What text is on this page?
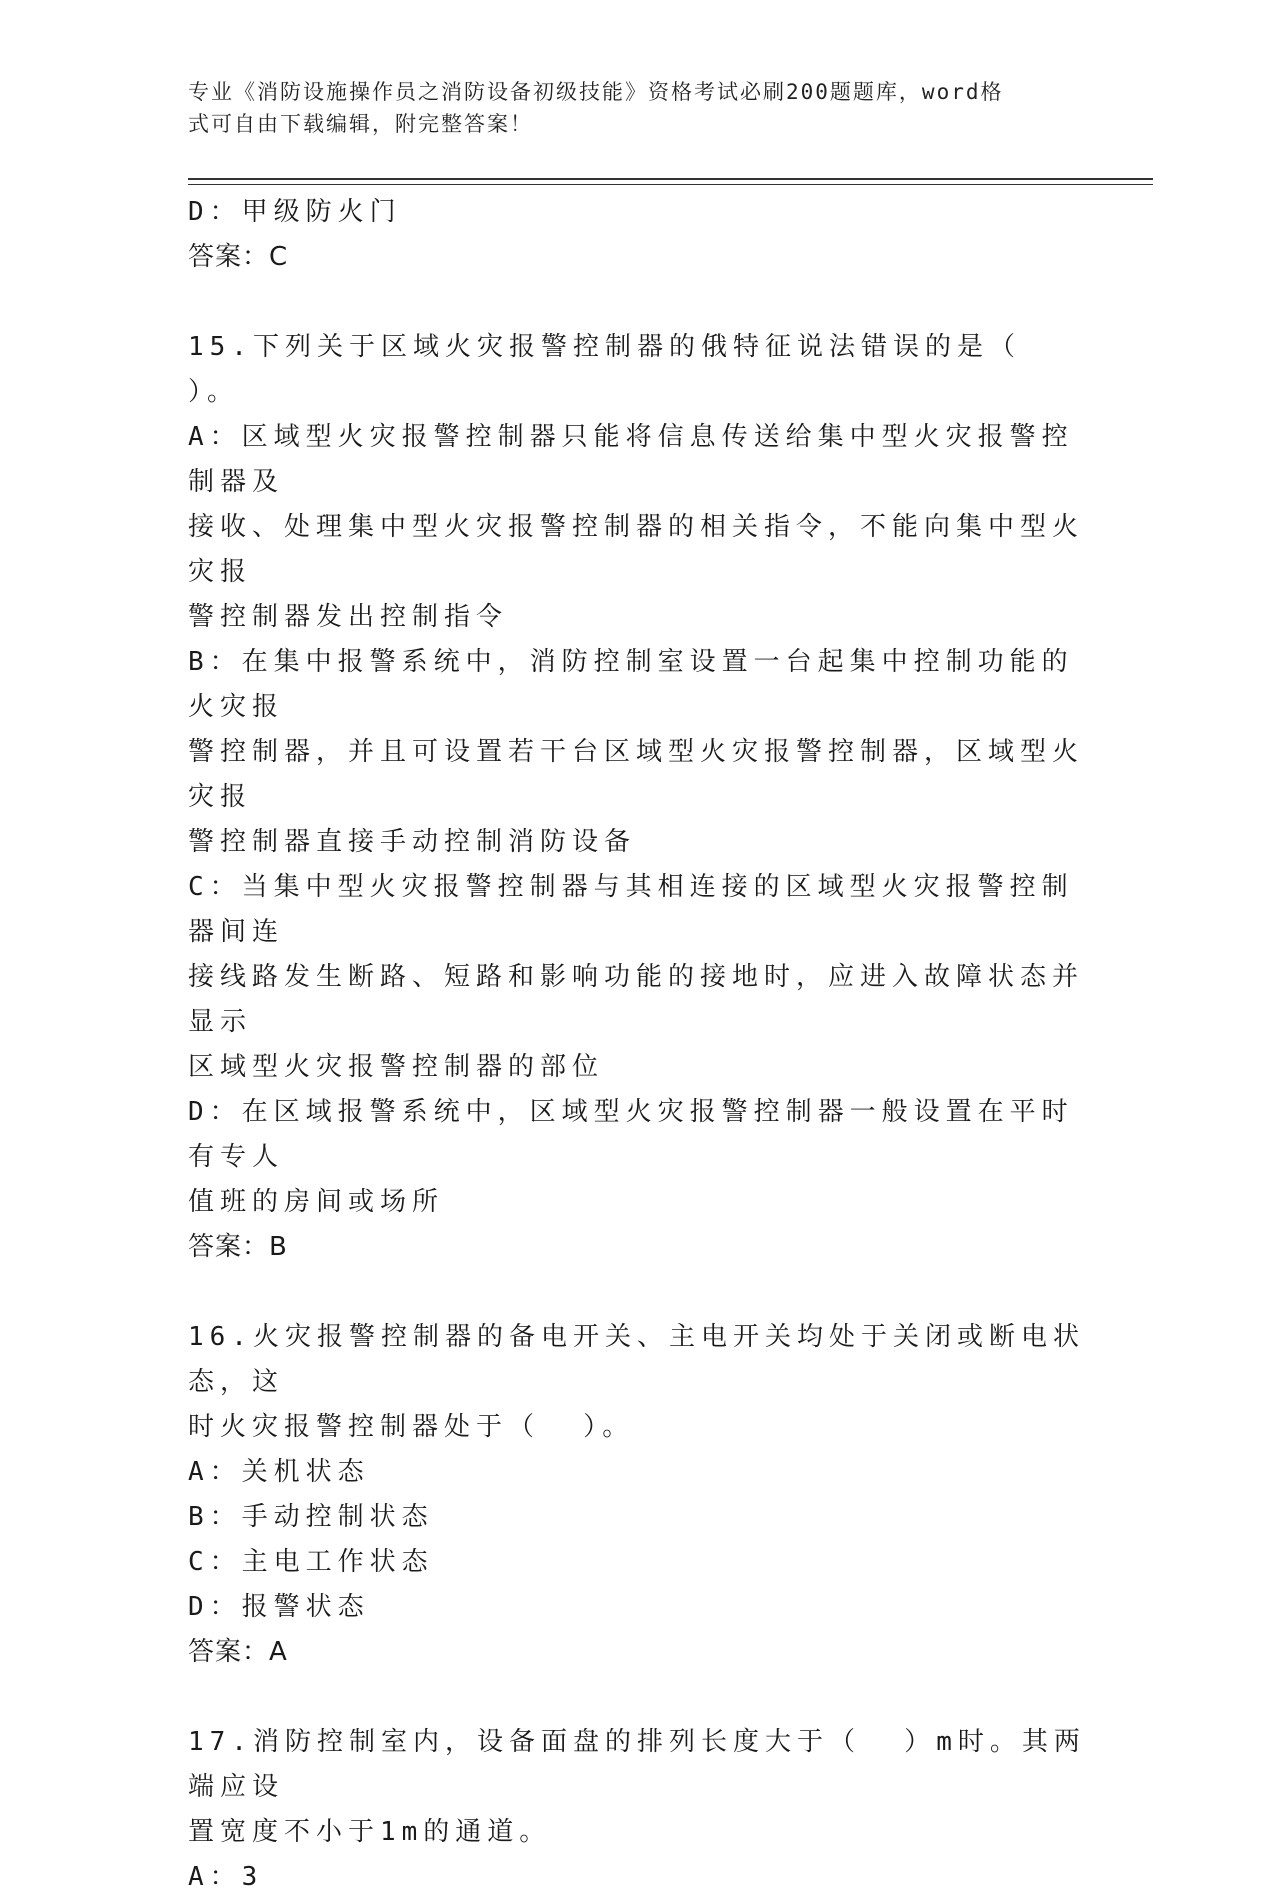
专业《消防设施操作员之消防设备初级技能》资格考试必刷200题题库，word格
式可自由下载编辑，附完整答案！
D：甲级防火门
答案：C
15.下列关于区域火灾报警控制器的俄特征说法错误的是（  ）。
A：区域型火灾报警控制器只能将信息传送给集中型火灾报警控制器及
接收、处理集中型火灾报警控制器的相关指令，不能向集中型火灾报
警控制器发出控制指令
B：在集中报警系统中，消防控制室设置一台起集中控制功能的火灾报
警控制器，并且可设置若干台区域型火灾报警控制器，区域型火灾报
警控制器直接手动控制消防设备
C：当集中型火灾报警控制器与其相连接的区域型火灾报警控制器间连
接线路发生断路、短路和影响功能的接地时，应进入故障状态并显示
区域型火灾报警控制器的部位
D：在区域报警系统中，区域型火灾报警控制器一般设置在平时有专人
值班的房间或场所
答案：B
16.火灾报警控制器的备电开关、主电开关均处于关闭或断电状态，这
时火灾报警控制器处于（  ）。
A：关机状态
B：手动控制状态
C：主电工作状态
D：报警状态
答案：A
17.消防控制室内，设备面盘的排列长度大于（  ）m时。其两端应设
置宽度不小于1m的通道。
A：3
